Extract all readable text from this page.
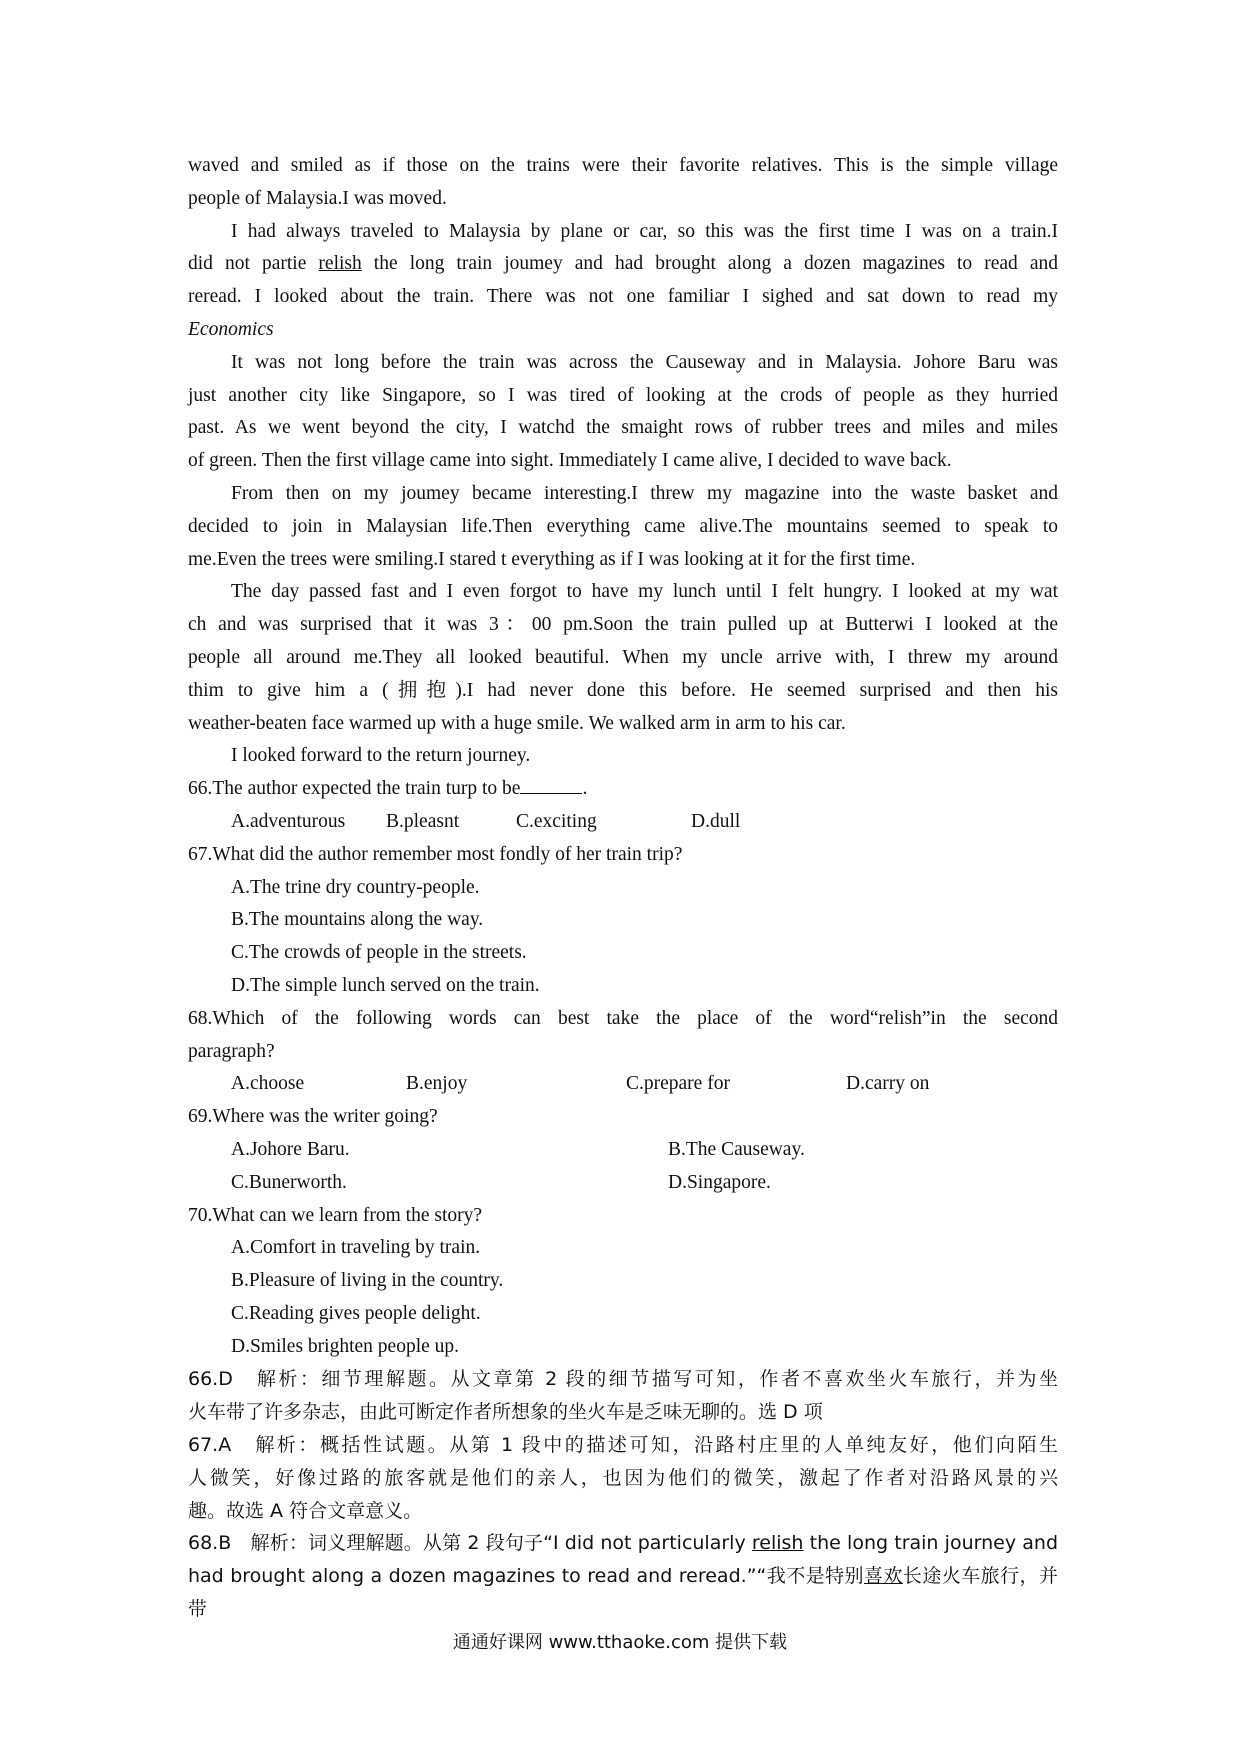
waved and smiled as if those on the trains were their favorite relatives. This is the simple village
people of Malaysia.I was moved.
I had always traveled to Malaysia by plane or car, so this was the first time I was on a train.I
did not partie relish the long train joumey and had brought along a dozen magazines to read and
reread. I looked about the train. There was not one familiar I sighed and sat down to read my
Economics
It was not long before the train was across the Causeway and in Malaysia. Johore Baru was
just another city like Singapore, so I was tired of looking at the crods of people as they hurried
past. As we went beyond the city, I watchd the smaight rows of rubber trees and miles and miles
of green. Then the first village came into sight. Immediately I came alive, I decided to wave back.
From then on my joumey became interesting.I threw my magazine into the waste basket and
decided to join in Malaysian life.Then everything came alive.The mountains seemed to speak to
me.Even the trees were smiling.I stared t everything as if I was looking at it for the first time.
The day passed fast and I even forgot to have my lunch until I felt hungry. I looked at my wat
ch and was surprised that it was 3：00 pm.Soon the train pulled up at Butterwi I looked at the
people all around me.They all looked beautiful. When my uncle arrive with, I threw my around
thim to give him a (拥抱).I had never done this before. He seemed surprised and then his
weather-beaten face warmed up with a huge smile. We walked arm in arm to his car.
I looked forward to the return journey.
66.The author expected the train turp to be	.
A.adventurous	B.pleasnt	C.exciting	D.dull
67.What did the author remember most fondly of her train trip?
A.The trine dry country-people.
B.The mountains along the way.
C.The crowds of people in the streets.
D.The simple lunch served on the train.
68.Which of the following words can best take the place of the word“relish”in the second
paragraph?
A.choose	B.enjoy	C.prepare for	D.carry on
69.Where was the writer going?
A.Johore Baru.	B.The Causeway.
C.Bunerworth.	D.Singapore.
70.What can we learn from the story?
A.Comfort in traveling by train.
B.Pleasure of living in the country.
C.Reading gives people delight.
D.Smiles brighten people up.
66.D　解析：细节理解题。从文章第 2 段的细节描写可知，作者不喜欢坐火车旅行，并为坐
火车带了许多杂志，由此可断定作者所想象的坐火车是乏味无聊的。选 D 项
67.A　解析：概括性试题。从第 1 段中的描述可知，沿路村庄里的人单纯友好，他们向陌生
人微笑，好像过路的旅客就是他们的亲人，也因为他们的微笑，激起了作者对沿路风景的兴
趣。故选 A 符合文章意义。
68.B　解析：词义理解题。从第 2 段句子“I did not particularly relish the long train journey and
had brought along a dozen magazines to read and reread.”“我不是特别喜欢长途火车旅行，并带
通通好课网 www.tthaoke.com 提供下载
